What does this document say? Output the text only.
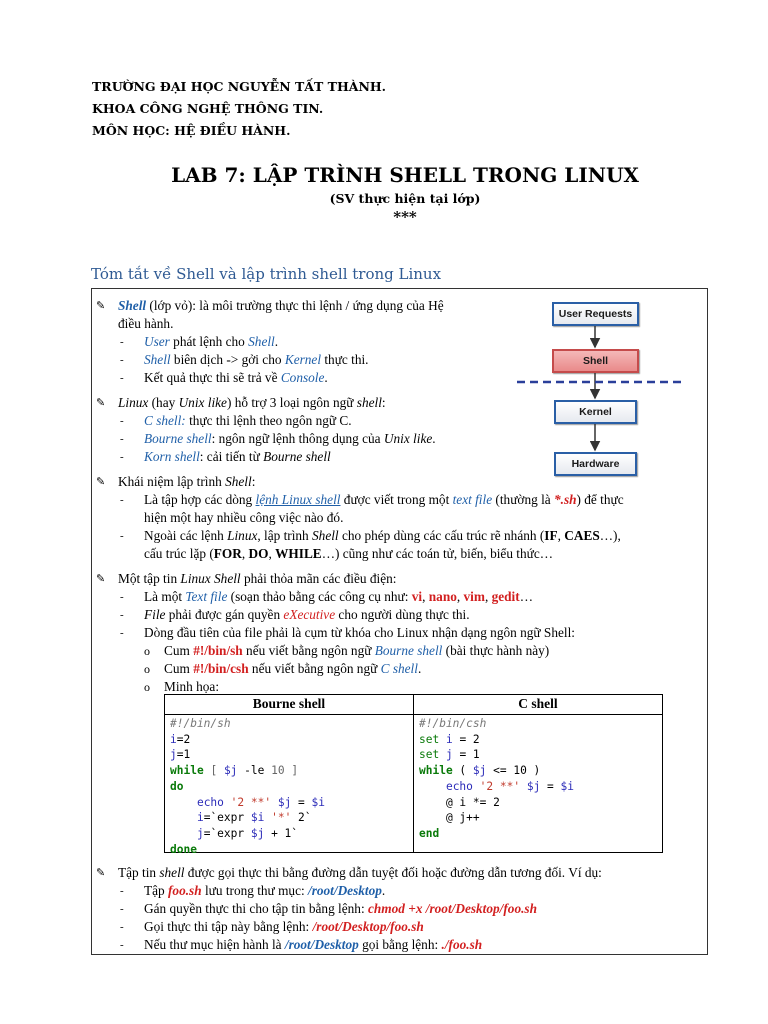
TRƯỜNG ĐẠI HỌC NGUYỄN TẤT THÀNH.
KHOA CÔNG NGHỆ THÔNG TIN.
MÔN HỌC: HỆ ĐIỀU HÀNH.
LAB 7: LẬP TRÌNH SHELL TRONG LINUX
(SV thực hiện tại lớp)
***
Tóm tắt về Shell và lập trình shell trong Linux
User Requests
Shell
Kernel
Hardware
✎ Shell (lớp vỏ): là môi trường thực thi lệnh / ứng dụng của Hệ
điều hành.
- User phát lệnh cho Shell.
- Shell biên dịch -> gởi cho Kernel thực thi.
- Kết quả thực thi sẽ trả về Console.
✎ Linux (hay Unix like) hỗ trợ 3 loại ngôn ngữ shell:
- C shell: thực thi lệnh theo ngôn ngữ C.
- Bourne shell: ngôn ngữ lệnh thông dụng của Unix like.
- Korn shell: cải tiến từ Bourne shell
✎ Khái niệm lập trình Shell:
- Là tập hợp các dòng lệnh Linux shell được viết trong một text file (thường là *.sh) để thực
hiện một hay nhiều công việc nào đó.
- Ngoài các lệnh Linux, lập trình Shell cho phép dùng các cấu trúc rẽ nhánh (IF, CAES…),
cấu trúc lặp (FOR, DO, WHILE…) cũng như các toán tử, biến, biểu thức…
✎ Một tập tin Linux Shell phải thỏa mãn các điều điện:
- Là một Text file (soạn thảo bằng các công cụ như: vi, nano, vim, gedit…
- File phải được gán quyền eXecutive cho người dùng thực thi.
- Dòng đầu tiên của file phải là cụm từ khóa cho Linux nhận dạng ngôn ngữ Shell:
o Cum #!/bin/sh nếu viết bằng ngôn ngữ Bourne shell (bài thực hành này)
o Cum #!/bin/csh nếu viết bằng ngôn ngữ C shell.
o Minh họa:
✎ Tập tin shell được gọi thực thi bằng đường dẫn tuyệt đối hoặc đường dẫn tương đối. Ví dụ:
- Tập foo.sh lưu trong thư mục: /root/Desktop.
- Gán quyền thực thi cho tập tin bằng lệnh: chmod +x /root/Desktop/foo.sh
- Gọi thực thi tập này bằng lệnh: /root/Desktop/foo.sh
- Nếu thư mục hiện hành là /root/Desktop gọi bằng lệnh: ./foo.sh
Bourne shell	C shell
#!/bin/sh
i=2
j=1
while [ $j -le 10 ]
do
echo '2 **' $j = $i
i=`expr $i '*' 2`
j=`expr $j + 1`
done
#!/bin/csh
set i = 2
set j = 1
while ( $j <= 10 )
echo '2 **' $j = $i
@ i *= 2
@ j++
end
